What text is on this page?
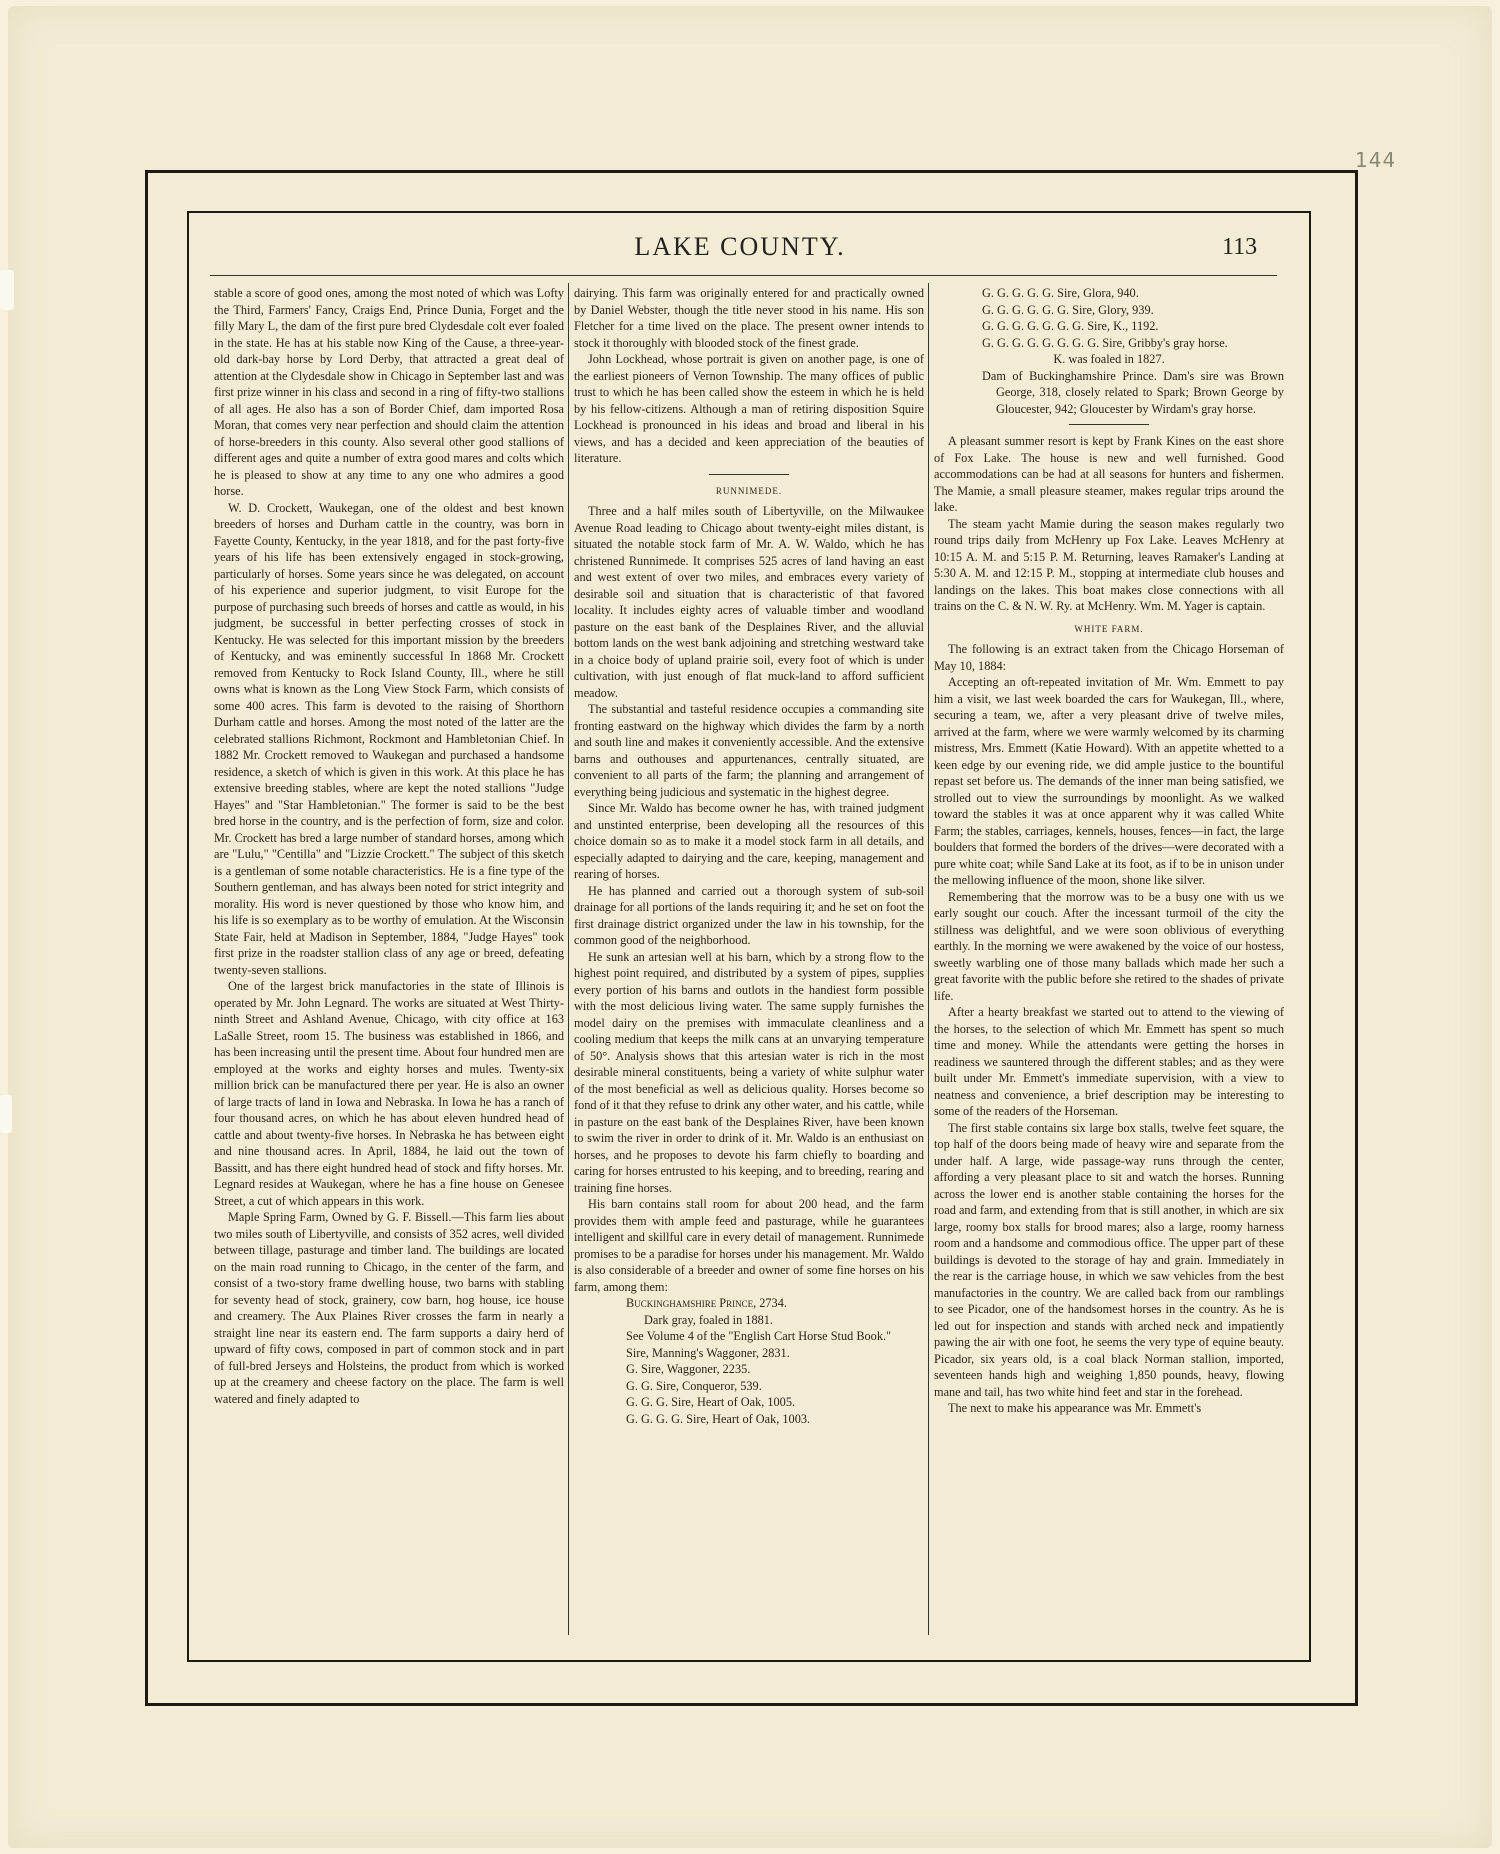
144
LAKE COUNTY.	113

stable a score of good ones, among the most noted of which was Lofty the Third, Farmers' Fancy, Craigs End, Prince Dunia, Forget and the filly Mary L, the dam of the first pure bred Clydesdale colt ever foaled in the state. He has at his stable now King of the Cause, a three-year-old dark-bay horse by Lord Derby, that attracted a great deal of attention at the Clydesdale show in Chicago in September last and was first prize winner in his class and second in a ring of fifty-two stallions of all ages. He also has a son of Border Chief, dam imported Rosa Moran, that comes very near perfection and should claim the attention of horse-breeders in this county. Also several other good stallions of different ages and quite a number of extra good mares and colts which he is pleased to show at any time to any one who admires a good horse.

W. D. Crockett, Waukegan, one of the oldest and best known breeders of horses and Durham cattle in the country, was born in Fayette County, Kentucky, in the year 1818, and for the past forty-five years of his life has been extensively engaged in stock-growing, particularly of horses. Some years since he was delegated, on account of his experience and superior judgment, to visit Europe for the purpose of purchasing such breeds of horses and cattle as would, in his judgment, be successful in better perfecting crosses of stock in Kentucky. He was selected for this important mission by the breeders of Kentucky, and was eminently successful In 1868 Mr. Crockett removed from Kentucky to Rock Island County, Ill., where he still owns what is known as the Long View Stock Farm, which consists of some 400 acres. This farm is devoted to the raising of Shorthorn Durham cattle and horses. Among the most noted of the latter are the celebrated stallions Richmont, Rockmont and Hambletonian Chief. In 1882 Mr. Crockett removed to Waukegan and purchased a handsome residence, a sketch of which is given in this work. At this place he has extensive breeding stables, where are kept the noted stallions "Judge Hayes" and "Star Hambletonian." The former is said to be the best bred horse in the country, and is the perfection of form, size and color. Mr. Crockett has bred a large number of standard horses, among which are "Lulu," "Centilla" and "Lizzie Crockett." The subject of this sketch is a gentleman of some notable characteristics. He is a fine type of the Southern gentleman, and has always been noted for strict integrity and morality. His word is never questioned by those who know him, and his life is so exemplary as to be worthy of emulation. At the Wisconsin State Fair, held at Madison in September, 1884, "Judge Hayes" took first prize in the roadster stallion class of any age or breed, defeating twenty-seven stallions.

One of the largest brick manufactories in the state of Illinois is operated by Mr. John Legnard. The works are situated at West Thirty-ninth Street and Ashland Avenue, Chicago, with city office at 163 LaSalle Street, room 15. The business was established in 1866, and has been increasing until the present time. About four hundred men are employed at the works and eighty horses and mules. Twenty-six million brick can be manufactured there per year. He is also an owner of large tracts of land in Iowa and Nebraska. In Iowa he has a ranch of four thousand acres, on which he has about eleven hundred head of cattle and about twenty-five horses. In Nebraska he has between eight and nine thousand acres. In April, 1884, he laid out the town of Bassitt, and has there eight hundred head of stock and fifty horses. Mr. Legnard resides at Waukegan, where he has a fine house on Genesee Street, a cut of which appears in this work.

Maple Spring Farm, Owned by G. F. Bissell.—This farm lies about two miles south of Libertyville, and consists of 352 acres, well divided between tillage, pasturage and timber land. The buildings are located on the main road running to Chicago, in the center of the farm, and consist of a two-story frame dwelling house, two barns with stabling for seventy head of stock, grainery, cow barn, hog house, ice house and creamery. The Aux Plaines River crosses the farm in nearly a straight line near its eastern end. The farm supports a dairy herd of upward of fifty cows, composed in part of common stock and in part of full-bred Jerseys and Holsteins, the product from which is worked up at the creamery and cheese factory on the place. The farm is well watered and finely adapted to

dairying. This farm was originally entered for and practically owned by Daniel Webster, though the title never stood in his name. His son Fletcher for a time lived on the place. The present owner intends to stock it thoroughly with blooded stock of the finest grade.

John Lockhead, whose portrait is given on another page, is one of the earliest pioneers of Vernon Township. The many offices of public trust to which he has been called show the esteem in which he is held by his fellow-citizens. Although a man of retiring disposition Squire Lockhead is pronounced in his ideas and broad and liberal in his views, and has a decided and keen appreciation of the beauties of literature.

RUNNIMEDE.

Three and a half miles south of Libertyville, on the Milwaukee Avenue Road leading to Chicago about twenty-eight miles distant, is situated the notable stock farm of Mr. A. W. Waldo, which he has christened Runnimede. It comprises 525 acres of land having an east and west extent of over two miles, and embraces every variety of desirable soil and situation that is characteristic of that favored locality. It includes eighty acres of valuable timber and woodland pasture on the east bank of the Desplaines River, and the alluvial bottom lands on the west bank adjoining and stretching westward take in a choice body of upland prairie soil, every foot of which is under cultivation, with just enough of flat muck-land to afford sufficient meadow.

The substantial and tasteful residence occupies a commanding site fronting eastward on the highway which divides the farm by a north and south line and makes it conveniently accessible. And the extensive barns and outhouses and appurtenances, centrally situated, are convenient to all parts of the farm; the planning and arrangement of everything being judicious and systematic in the highest degree.

Since Mr. Waldo has become owner he has, with trained judgment and unstinted enterprise, been developing all the resources of this choice domain so as to make it a model stock farm in all details, and especially adapted to dairying and the care, keeping, management and rearing of horses.

He has planned and carried out a thorough system of sub-soil drainage for all portions of the lands requiring it; and he set on foot the first drainage district organized under the law in his township, for the common good of the neighborhood.

He sunk an artesian well at his barn, which by a strong flow to the highest point required, and distributed by a system of pipes, supplies every portion of his barns and outlots in the handiest form possible with the most delicious living water. The same supply furnishes the model dairy on the premises with immaculate cleanliness and a cooling medium that keeps the milk cans at an unvarying temperature of 50°. Analysis shows that this artesian water is rich in the most desirable mineral constituents, being a variety of white sulphur water of the most beneficial as well as delicious quality. Horses become so fond of it that they refuse to drink any other water, and his cattle, while in pasture on the east bank of the Desplaines River, have been known to swim the river in order to drink of it. Mr. Waldo is an enthusiast on horses, and he proposes to devote his farm chiefly to boarding and caring for horses entrusted to his keeping, and to breeding, rearing and training fine horses.

His barn contains stall room for about 200 head, and the farm provides them with ample feed and pasturage, while he guarantees intelligent and skillful care in every detail of management. Runnimede promises to be a paradise for horses under his management. Mr. Waldo is also considerable of a breeder and owner of some fine horses on his farm, among them:

Buckinghamshire Prince, 2734.

Dark gray, foaled in 1881.

See Volume 4 of the "English Cart Horse Stud Book."

Sire, Manning's Waggoner, 2831.

G. Sire, Waggoner, 2235.

G. G. Sire, Conqueror, 539.

G. G. G. Sire, Heart of Oak, 1005.

G. G. G. G. Sire, Heart of Oak, 1003.

G. G. G. G. G. Sire, Glora, 940.

G. G. G. G. G. G. Sire, Glory, 939.

G. G. G. G. G. G. G. Sire, K., 1192.

G. G. G. G. G. G. G. G. Sire, Gribby's gray horse.

K. was foaled in 1827.

Dam of Buckinghamshire Prince. Dam's sire was Brown George, 318, closely related to Spark; Brown George by Gloucester, 942; Gloucester by Wirdam's gray horse.

A pleasant summer resort is kept by Frank Kines on the east shore of Fox Lake. The house is new and well furnished. Good accommodations can be had at all seasons for hunters and fishermen. The Mamie, a small pleasure steamer, makes regular trips around the lake.

The steam yacht Mamie during the season makes regularly two round trips daily from McHenry up Fox Lake. Leaves McHenry at 10:15 A. M. and 5:15 P. M. Returning, leaves Ramaker's Landing at 5:30 A. M. and 12:15 P. M., stopping at intermediate club houses and landings on the lakes. This boat makes close connections with all trains on the C. & N. W. Ry. at McHenry. Wm. M. Yager is captain.

WHITE FARM.

The following is an extract taken from the Chicago Horseman of May 10, 1884:

Accepting an oft-repeated invitation of Mr. Wm. Emmett to pay him a visit, we last week boarded the cars for Waukegan, Ill., where, securing a team, we, after a very pleasant drive of twelve miles, arrived at the farm, where we were warmly welcomed by its charming mistress, Mrs. Emmett (Katie Howard). With an appetite whetted to a keen edge by our evening ride, we did ample justice to the bountiful repast set before us. The demands of the inner man being satisfied, we strolled out to view the surroundings by moonlight. As we walked toward the stables it was at once apparent why it was called White Farm; the stables, carriages, kennels, houses, fences—in fact, the large boulders that formed the borders of the drives—were decorated with a pure white coat; while Sand Lake at its foot, as if to be in unison under the mellowing influence of the moon, shone like silver.

Remembering that the morrow was to be a busy one with us we early sought our couch. After the incessant turmoil of the city the stillness was delightful, and we were soon oblivious of everything earthly. In the morning we were awakened by the voice of our hostess, sweetly warbling one of those many ballads which made her such a great favorite with the public before she retired to the shades of private life.

After a hearty breakfast we started out to attend to the viewing of the horses, to the selection of which Mr. Emmett has spent so much time and money. While the attendants were getting the horses in readiness we sauntered through the different stables; and as they were built under Mr. Emmett's immediate supervision, with a view to neatness and convenience, a brief description may be interesting to some of the readers of the Horseman.

The first stable contains six large box stalls, twelve feet square, the top half of the doors being made of heavy wire and separate from the under half. A large, wide passage-way runs through the center, affording a very pleasant place to sit and watch the horses. Running across the lower end is another stable containing the horses for the road and farm, and extending from that is still another, in which are six large, roomy box stalls for brood mares; also a large, roomy harness room and a handsome and commodious office. The upper part of these buildings is devoted to the storage of hay and grain. Immediately in the rear is the carriage house, in which we saw vehicles from the best manufactories in the country. We are called back from our ramblings to see Picador, one of the handsomest horses in the country. As he is led out for inspection and stands with arched neck and impatiently pawing the air with one foot, he seems the very type of equine beauty. Picador, six years old, is a coal black Norman stallion, imported, seventeen hands high and weighing 1,850 pounds, heavy, flowing mane and tail, has two white hind feet and star in the forehead.

The next to make his appearance was Mr. Emmett's
